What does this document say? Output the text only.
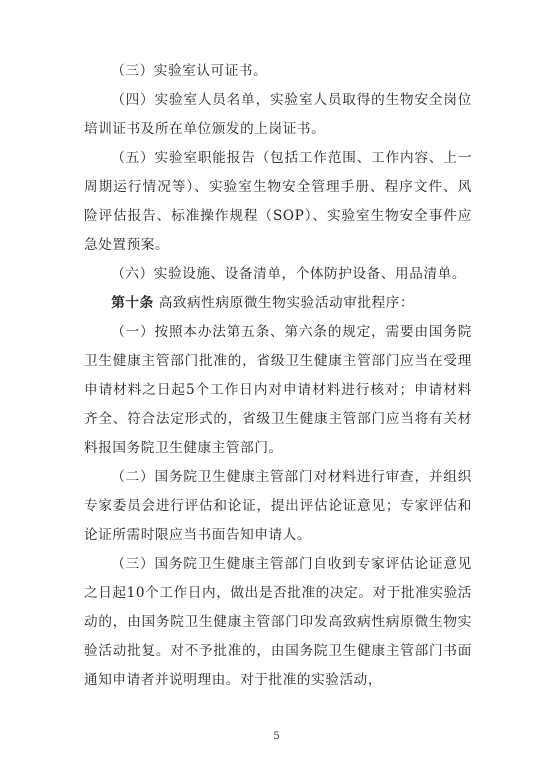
（三）实验室认可证书。

（四）实验室人员名单，实验室人员取得的生物安全岗位培训证书及所在单位颁发的上岗证书。

（五）实验室职能报告（包括工作范围、工作内容、上一周期运行情况等）、实验室生物安全管理手册、程序文件、风险评估报告、标准操作规程（SOP）、实验室生物安全事件应急处置预案。

（六）实验设施、设备清单，个体防护设备、用品清单。

第十条 高致病性病原微生物实验活动审批程序：

（一）按照本办法第五条、第六条的规定，需要由国务院卫生健康主管部门批准的，省级卫生健康主管部门应当在受理申请材料之日起5个工作日内对申请材料进行核对；申请材料齐全、符合法定形式的，省级卫生健康主管部门应当将有关材料报国务院卫生健康主管部门。

（二）国务院卫生健康主管部门对材料进行审查，并组织专家委员会进行评估和论证，提出评估论证意见；专家评估和论证所需时限应当书面告知申请人。

（三）国务院卫生健康主管部门自收到专家评估论证意见之日起10个工作日内，做出是否批准的决定。对于批准实验活动的，由国务院卫生健康主管部门印发高致病性病原微生物实验活动批复。对不予批准的，由国务院卫生健康主管部门书面通知申请者并说明理由。对于批准的实验活动，

5
